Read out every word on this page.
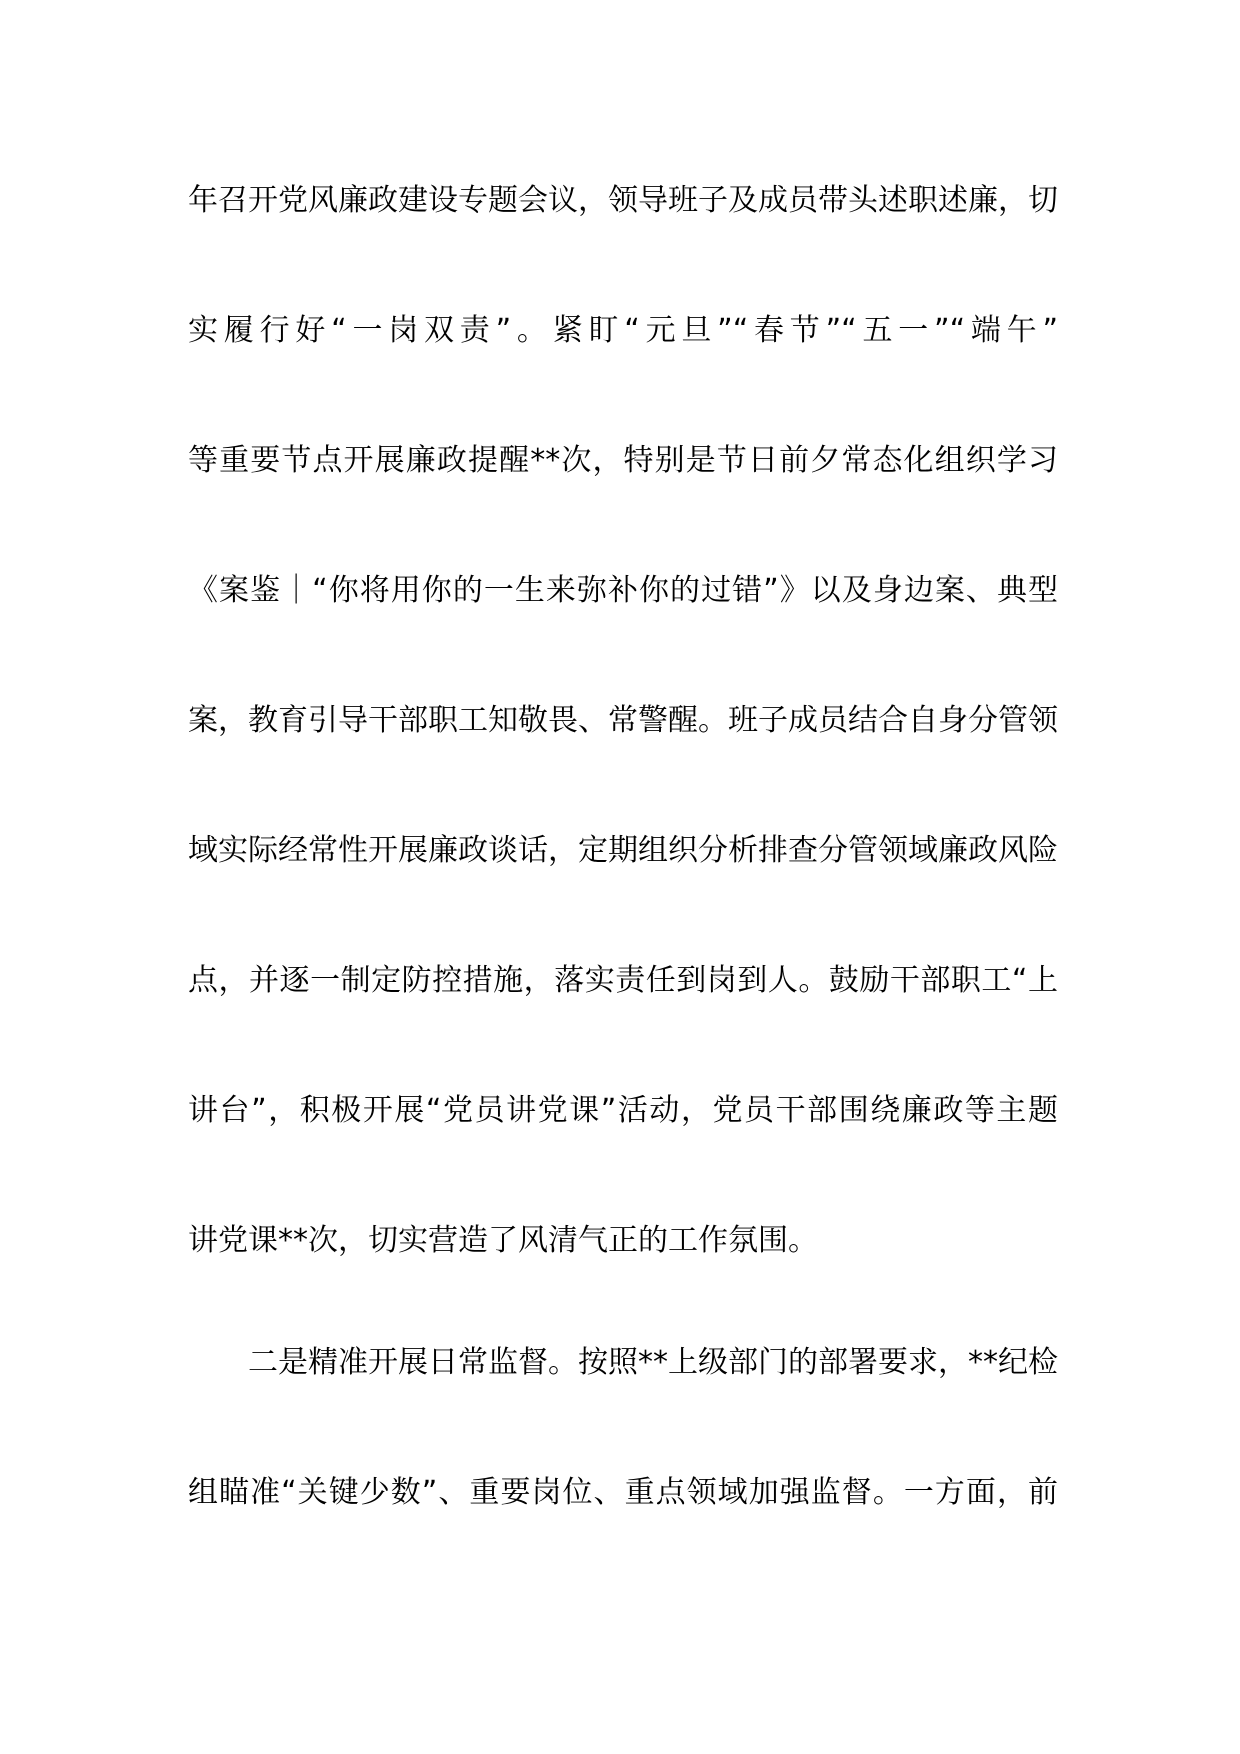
年召开党风廉政建设专题会议，领导班子及成员带头述职述廉，切
实履行好“一岗双责”。紧盯“元旦”“春节”“五一”“端午”
等重要节点开展廉政提醒**次，特别是节日前夕常态化组织学习
《案鉴｜“你将用你的一生来弥补你的过错”》以及身边案、典型
案，教育引导干部职工知敬畏、常警醒。班子成员结合自身分管领
域实际经常性开展廉政谈话，定期组织分析排查分管领域廉政风险
点，并逐一制定防控措施，落实责任到岗到人。鼓励干部职工“上
讲台”，积极开展“党员讲党课”活动，党员干部围绕廉政等主题
讲党课**次，切实营造了风清气正的工作氛围。
二是精准开展日常监督。按照**上级部门的部署要求，**纪检
组瞄准“关键少数”、重要岗位、重点领域加强监督。一方面，前
